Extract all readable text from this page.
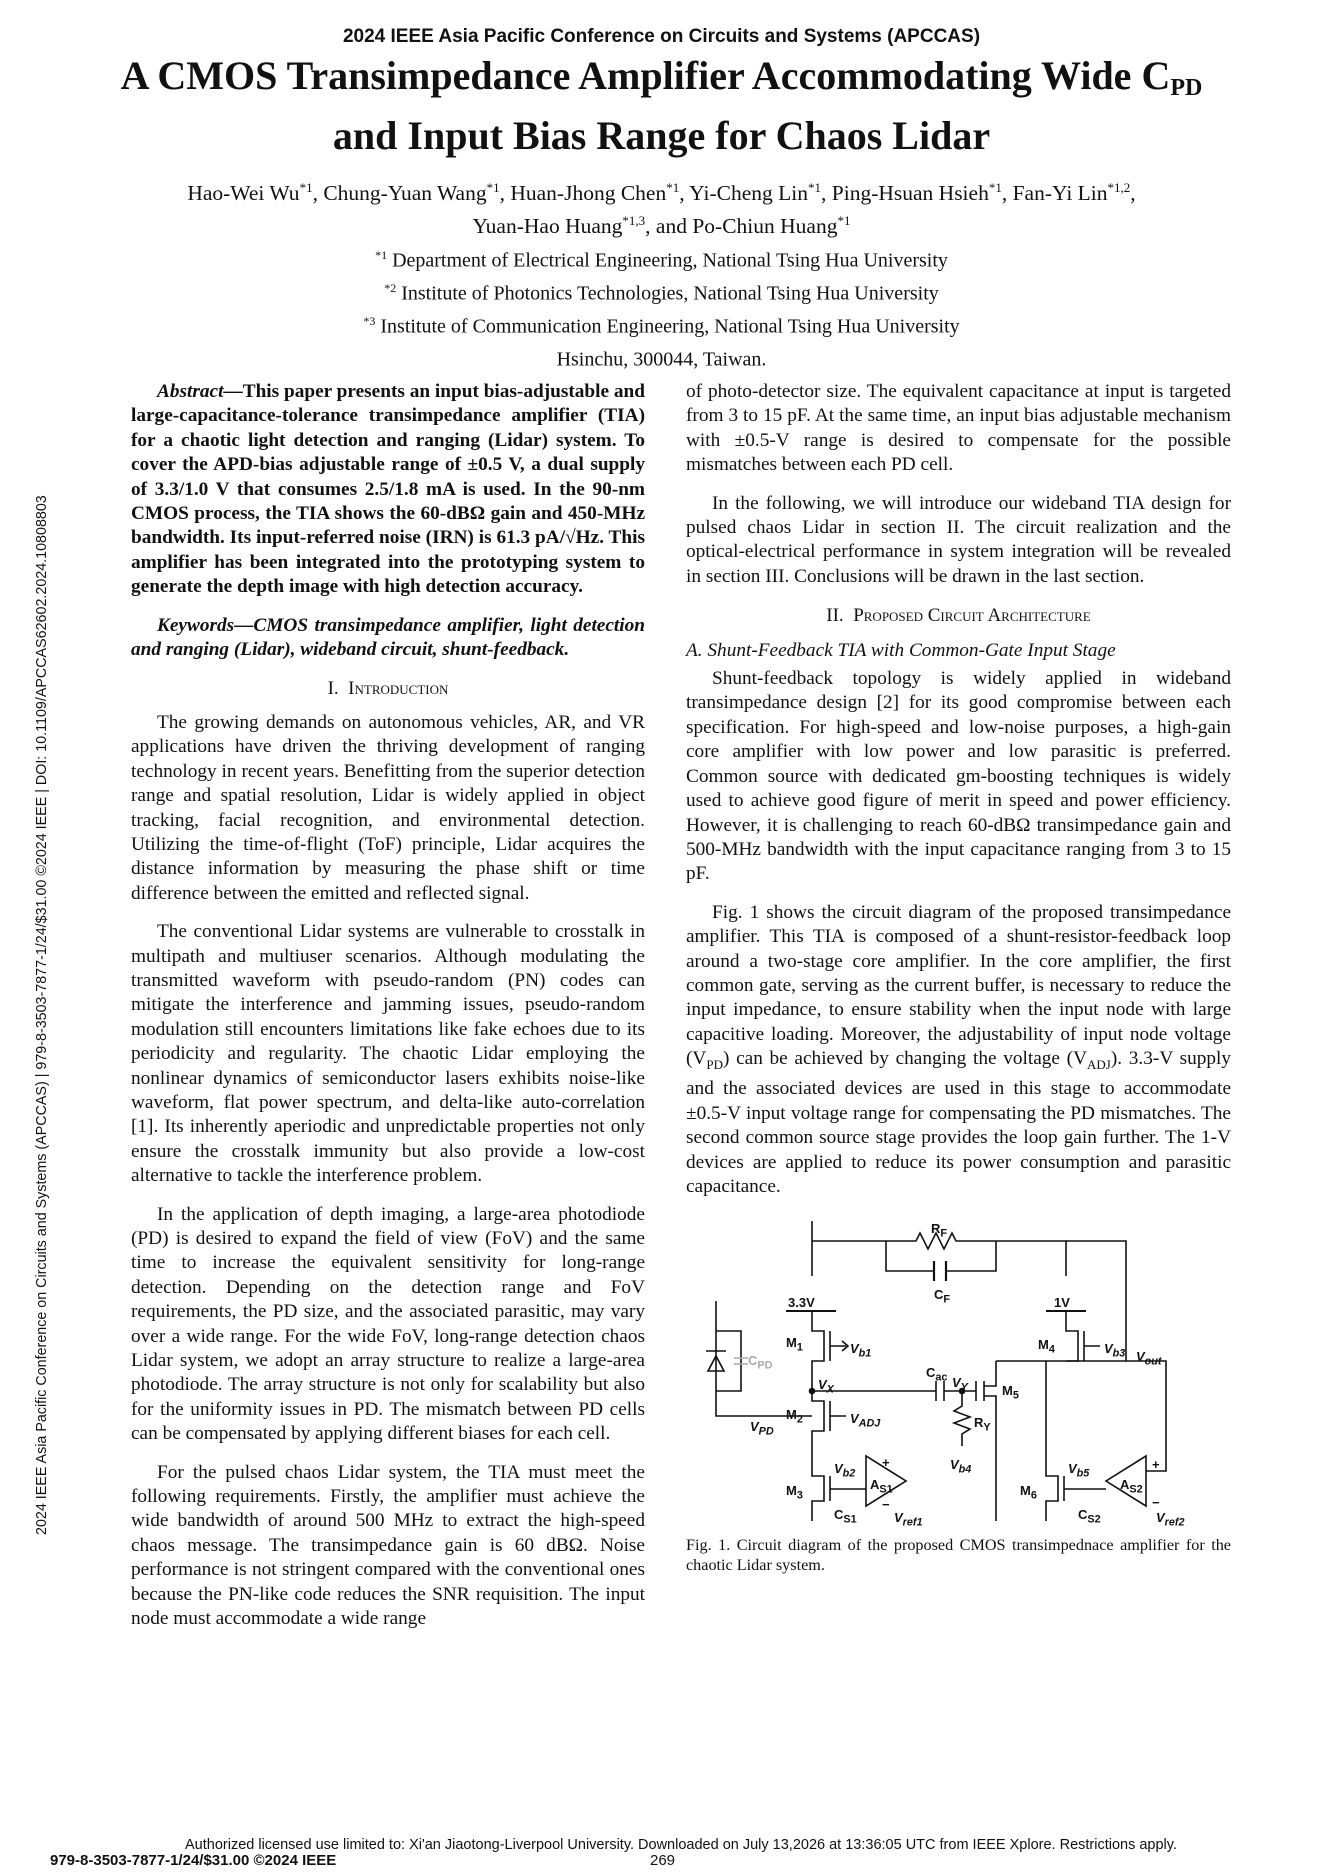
2024 IEEE Asia Pacific Conference on Circuits and Systems (APCCAS)
A CMOS Transimpedance Amplifier Accommodating Wide $C_{PD}$
and Input Bias Range for Chaos Lidar
Hao-Wei Wu$^{*1}$, Chung-Yuan Wang$^{*1}$, Huan-Jhong Chen$^{*1}$, Yi-Cheng Lin$^{*1}$, Ping-Hsuan Hsieh$^{*1}$, Fan-Yi Lin$^{*1,2}$,
Yuan-Hao Huang$^{*1,3}$, and Po-Chiun Huang$^{*1}$
$^{*1}$ Department of Electrical Engineering, National Tsing Hua University
$^{*2}$ Institute of Photonics Technologies, National Tsing Hua University
$^{*3}$ Institute of Communication Engineering, National Tsing Hua University
Hsinchu, 300044, Taiwan.
2024 IEEE Asia Pacific Conference on Circuits and Systems (APCCAS) | 979-8-3503-7877-1/24/$31.00 ©2024 IEEE | DOI: 10.1109/APCCAS62602.2024.10808803

Abstract—This paper presents an input bias-adjustable and large-capacitance-tolerance transimpedance amplifier (TIA) for a chaotic light detection and ranging (Lidar) system. To cover the APD-bias adjustable range of ±0.5 V, a dual supply of 3.3/1.0 V that consumes 2.5/1.8 mA is used. In the 90-nm CMOS process, the TIA shows the 60-dBΩ gain and 450-MHz bandwidth. Its input-referred noise (IRN) is 61.3 pA/√Hz. This amplifier has been integrated into the prototyping system to generate the depth image with high detection accuracy.

Keywords—CMOS transimpedance amplifier, light detection and ranging (Lidar), wideband circuit, shunt-feedback.

I. Introduction

The growing demands on autonomous vehicles, AR, and VR applications have driven the thriving development of ranging technology in recent years. Benefitting from the superior detection range and spatial resolution, Lidar is widely applied in object tracking, facial recognition, and environmental detection. Utilizing the time-of-flight (ToF) principle, Lidar acquires the distance information by measuring the phase shift or time difference between the emitted and reflected signal.

The conventional Lidar systems are vulnerable to crosstalk in multipath and multiuser scenarios. Although modulating the transmitted waveform with pseudo-random (PN) codes can mitigate the interference and jamming issues, pseudo-random modulation still encounters limitations like fake echoes due to its periodicity and regularity. The chaotic Lidar employing the nonlinear dynamics of semiconductor lasers exhibits noise-like waveform, flat power spectrum, and delta-like auto-correlation [1]. Its inherently aperiodic and unpredictable properties not only ensure the crosstalk immunity but also provide a low-cost alternative to tackle the interference problem.

In the application of depth imaging, a large-area photodiode (PD) is desired to expand the field of view (FoV) and the same time to increase the equivalent sensitivity for long-range detection. Depending on the detection range and FoV requirements, the PD size, and the associated parasitic, may vary over a wide range. For the wide FoV, long-range detection chaos Lidar system, we adopt an array structure to realize a large-area photodiode. The array structure is not only for scalability but also for the uniformity issues in PD. The mismatch between PD cells can be compensated by applying different biases for each cell.

For the pulsed chaos Lidar system, the TIA must meet the following requirements. Firstly, the amplifier must achieve the wide bandwidth of around 500 MHz to extract the high-speed chaos message. The transimpedance gain is 60 dBΩ. Noise performance is not stringent compared with the conventional ones because the PN-like code reduces the SNR requisition. The input node must accommodate a wide range

of photo-detector size. The equivalent capacitance at input is targeted from 3 to 15 pF. At the same time, an input bias adjustable mechanism with ±0.5-V range is desired to compensate for the possible mismatches between each PD cell.

In the following, we will introduce our wideband TIA design for pulsed chaos Lidar in section II. The circuit realization and the optical-electrical performance in system integration will be revealed in section III. Conclusions will be drawn in the last section.

II. Proposed Circuit Architecture

A. Shunt-Feedback TIA with Common-Gate Input Stage

Shunt-feedback topology is widely applied in wideband transimpedance design [2] for its good compromise between each specification. For high-speed and low-noise purposes, a high-gain core amplifier with low power and low parasitic is preferred. Common source with dedicated gm-boosting techniques is widely used to achieve good figure of merit in speed and power efficiency. However, it is challenging to reach 60-dBΩ transimpedance gain and 500-MHz bandwidth with the input capacitance ranging from 3 to 15 pF.

Fig. 1 shows the circuit diagram of the proposed transimpedance amplifier. This TIA is composed of a shunt-resistor-feedback loop around a two-stage core amplifier. In the core amplifier, the first common gate, serving as the current buffer, is necessary to reduce the input impedance, to ensure stability when the input node with large capacitive loading. Moreover, the adjustability of input node voltage $(V_{PD})$ can be achieved by changing the voltage $(V_{ADJ})$. 3.3-V supply and the associated devices are used in this stage to accommodate ±0.5-V input voltage range for compensating the PD mismatches. The second common source stage provides the loop gain further. The 1-V devices are applied to reduce its power consumption and parasitic capacitance.

$R_F$
$C_F$
3.3V	1V
$M_1$	$V_{b1}$
$M_2$	$V_{ADJ}$
$V_X$
$V_{PD}$
$C_{PD}$	$C_{ac}$ $V_Y$
$R_Y$
$V_{b4}$
$M_5$
$M_4$	$V_{b3}$ $V_{out}$
$M_3$
$V_{b2}$
$A_{S1}$
+
−
$C_{S1}$	$V_{ref1}$
$M_6$
$V_{b5}$
$A_{S2}$
+
−
$C_{S2}$	$V_{ref2}$

Fig. 1. Circuit diagram of the proposed CMOS transimpednace amplifier for the chaotic Lidar system.

Authorized licensed use limited to: Xi'an Jiaotong-Liverpool University. Downloaded on July 13,2026 at 13:36:05 UTC from IEEE Xplore. Restrictions apply.
979-8-3503-7877-1/24/$31.00 ©2024 IEEE	269
